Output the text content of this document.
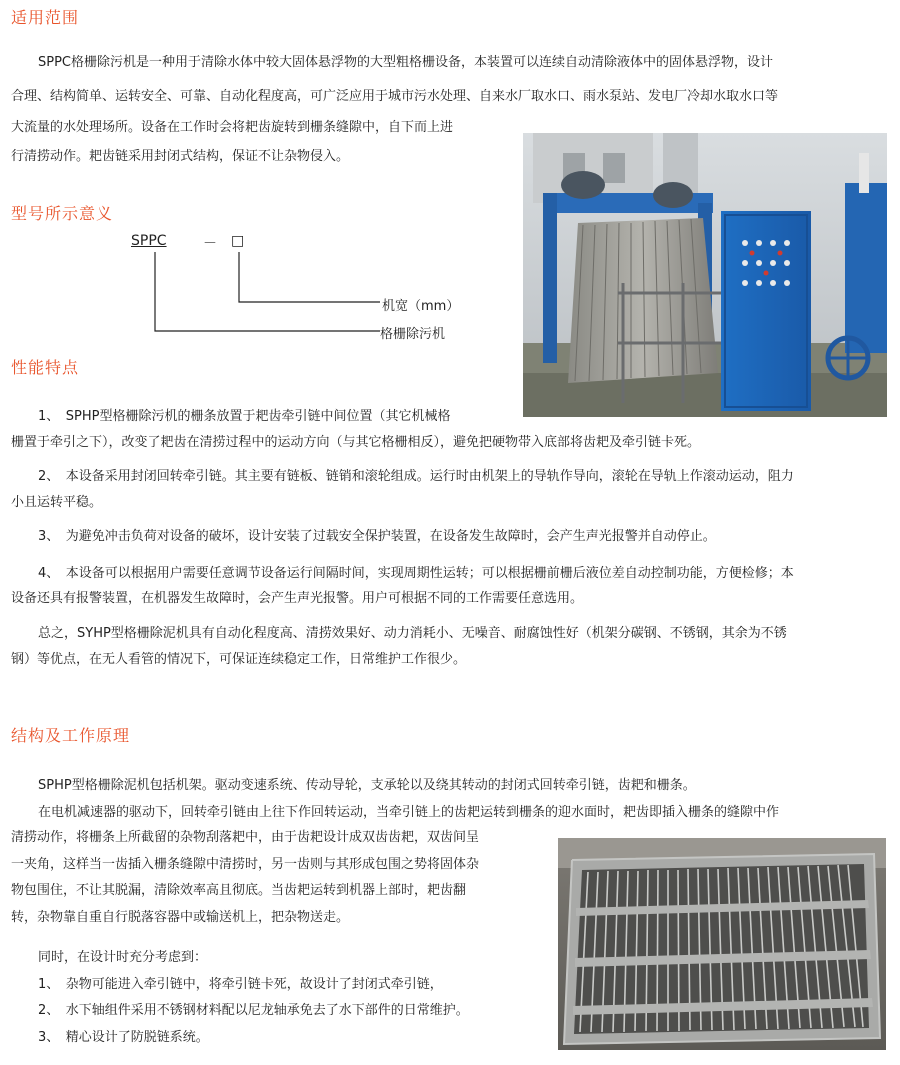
适用范围
SPPC格栅除污机是一种用于清除水体中较大固体悬浮物的大型粗格栅设备，本装置可以连续自动清除液体中的固体悬浮物，设计
合理、结构简单、运转安全、可靠、自动化程度高，可广泛应用于城市污水处理、自来水厂取水口、雨水泵站、发电厂冷却水取水口等
大流量的水处理场所。设备在工作时会将耙齿旋转到栅条缝隙中，自下而上进
行清捞动作。耙齿链采用封闭式结构，保证不让杂物侵入。
型号所示意义
SPPC	－ □
机宽（mm）
格栅除污机
性能特点
1、　SPHP型格栅除污机的栅条放置于耙齿牵引链中间位置（其它机械格
栅置于牵引之下），改变了耙齿在清捞过程中的运动方向（与其它格栅相反），避免把硬物带入底部将齿耙及牵引链卡死。
2、　本设备采用封闭回转牵引链。其主要有链板、链销和滚轮组成。运行时由机架上的导轨作导向，滚轮在导轨上作滚动运动，阻力
小且运转平稳。
3、　为避免冲击负荷对设备的破坏，设计安装了过载安全保护装置，在设备发生故障时，会产生声光报警并自动停止。
4、　本设备可以根据用户需要任意调节设备运行间隔时间，实现周期性运转；可以根据栅前栅后液位差自动控制功能，方便检修；本
设备还具有报警装置，在机器发生故障时，会产生声光报警。用户可根据不同的工作需要任意选用。
总之，SYHP型格栅除泥机具有自动化程度高、清捞效果好、动力消耗小、无噪音、耐腐蚀性好（机架分碳钢、不锈钢，其余为不锈
钢）等优点，在无人看管的情况下，可保证连续稳定工作，日常维护工作很少。
结构及工作原理
SPHP型格栅除泥机包括机架。驱动变速系统、传动导轮，支承轮以及绕其转动的封闭式回转牵引链，齿耙和栅条。
在电机减速器的驱动下，回转牵引链由上往下作回转运动，当牵引链上的齿耙运转到栅条的迎水面时，耙齿即插入栅条的缝隙中作
清捞动作，将栅条上所截留的杂物刮落耙中，由于齿耙设计成双齿齿耙，双齿间呈
一夹角，这样当一齿插入栅条缝隙中清捞时，另一齿则与其形成包围之势将固体杂
物包围住，不让其脱漏，清除效率高且彻底。当齿耙运转到机器上部时，耙齿翻
转，杂物靠自重自行脱落容器中或输送机上，把杂物送走。
同时，在设计时充分考虑到：
1、　杂物可能进入牵引链中，将牵引链卡死，故设计了封闭式牵引链，
2、　水下轴组件采用不锈钢材料配以尼龙轴承免去了水下部件的日常维护。
3、　精心设计了防脱链系统。
